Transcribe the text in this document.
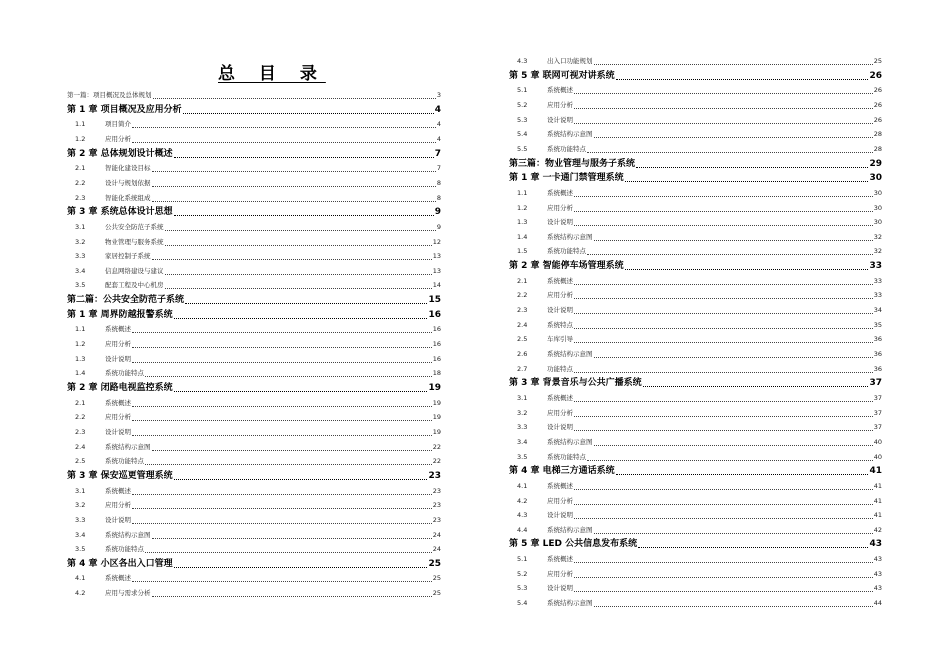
总 目 录
第一篇：项目概况及总体规划	3
第 1 章 项目概况及应用分析	4
1.1	项目简介	4
1.2	应用分析	4
第 2 章 总体规划设计概述	7
2.1	智能化建设目标	7
2.2	设计与规划依据	8
2.3	智能化系统组成	8
第 3 章 系统总体设计思想	9
3.1	公共安全防范子系统	9
3.2	物业管理与服务系统	12
3.3	家居控制子系统	13
3.4	信息网络建设与建议	13
3.5	配套工程及中心机房	14
第二篇：公共安全防范子系统	15
第 1 章 周界防越报警系统	16
1.1	系统概述	16
1.2	应用分析	16
1.3	设计说明	16
1.4	系统功能特点	18
第 2 章 闭路电视监控系统	19
2.1	系统概述	19
2.2	应用分析	19
2.3	设计说明	19
2.4	系统结构示意图	22
2.5	系统功能特点	22
第 3 章 保安巡更管理系统	23
3.1	系统概述	23
3.2	应用分析	23
3.3	设计说明	23
3.4	系统结构示意图	24
3.5	系统功能特点	24
第 4 章 小区各出入口管理	25
4.1	系统概述	25
4.2	应用与需求分析	25
4.3	出入口功能规划	25
第 5 章 联网可视对讲系统	26
5.1	系统概述	26
5.2	应用分析	26
5.3	设计说明	26
5.4	系统结构示意图	28
5.5	系统功能特点	28
第三篇：物业管理与服务子系统	29
第 1 章 一卡通门禁管理系统	30
1.1	系统概述	30
1.2	应用分析	30
1.3	设计说明	30
1.4	系统结构示意图	32
1.5	系统功能特点	32
第 2 章 智能停车场管理系统	33
2.1	系统概述	33
2.2	应用分析	33
2.3	设计说明	34
2.4	系统特点	35
2.5	车库引导	36
2.6	系统结构示意图	36
2.7	功能特点	36
第 3 章 背景音乐与公共广播系统	37
3.1	系统概述	37
3.2	应用分析	37
3.3	设计说明	37
3.4	系统结构示意图	40
3.5	系统功能特点	40
第 4 章 电梯三方通话系统	41
4.1	系统概述	41
4.2	应用分析	41
4.3	设计说明	41
4.4	系统结构示意图	42
第 5 章 LED 公共信息发布系统	43
5.1	系统概述	43
5.2	应用分析	43
5.3	设计说明	43
5.4	系统结构示意图	44
